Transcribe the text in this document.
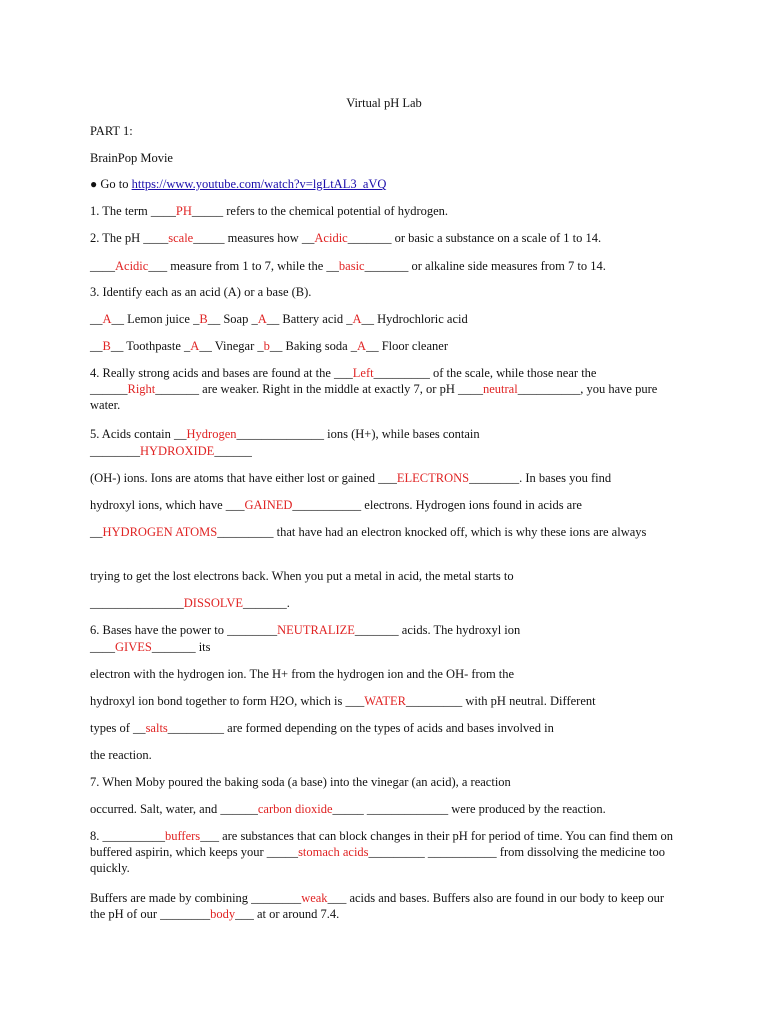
Virtual pH Lab
PART 1:
BrainPop Movie
● Go to https://www.youtube.com/watch?v=lgLtAL3_aVQ
1. The term ____PH_____ refers to the chemical potential of hydrogen.
2. The pH ____scale_____ measures how __Acidic_______ or basic a substance on a scale of 1 to 14.
____Acidic___ measure from 1 to 7, while the __basic_______ or alkaline side measures from 7 to 14.
3. Identify each as an acid (A) or a base (B).
__A__ Lemon juice _B__ Soap _A__ Battery acid _A__ Hydrochloric acid
__B__ Toothpaste _A__ Vinegar _b__ Baking soda _A__ Floor cleaner
4. Really strong acids and bases are found at the ___Left_________ of the scale, while those near the ______Right_______ are weaker. Right in the middle at exactly 7, or pH ____neutral__________, you have pure water.
5. Acids contain __Hydrogen______________ ions (H+), while bases contain
________HYDROXIDE______
(OH-) ions. Ions are atoms that have either lost or gained ___ELECTRONS________. In bases you find
hydroxyl ions, which have ___GAINED___________ electrons. Hydrogen ions found in acids are
__HYDROGEN ATOMS_________ that have had an electron knocked off, which is why these ions are always
trying to get the lost electrons back. When you put a metal in acid, the metal starts to
_______________DISSOLVE_______.
6. Bases have the power to ________NEUTRALIZE_______ acids. The hydroxyl ion
____GIVES_______ its
electron with the hydrogen ion. The H+ from the hydrogen ion and the OH- from the
hydroxyl ion bond together to form H2O, which is ___WATER_________ with pH neutral. Different
types of __salts_________ are formed depending on the types of acids and bases involved in
the reaction.
7. When Moby poured the baking soda (a base) into the vinegar (an acid), a reaction
occurred. Salt, water, and ______carbon dioxide_____ _____________ were produced by the reaction.
8. __________buffers___ are substances that can block changes in their pH for period of time. You can find them on buffered aspirin, which keeps your _____stomach acids_________ ___________ from dissolving the medicine too quickly.
Buffers are made by combining ________weak___ acids and bases. Buffers also are found in our body to keep our the pH of our ________body___ at or around 7.4.
